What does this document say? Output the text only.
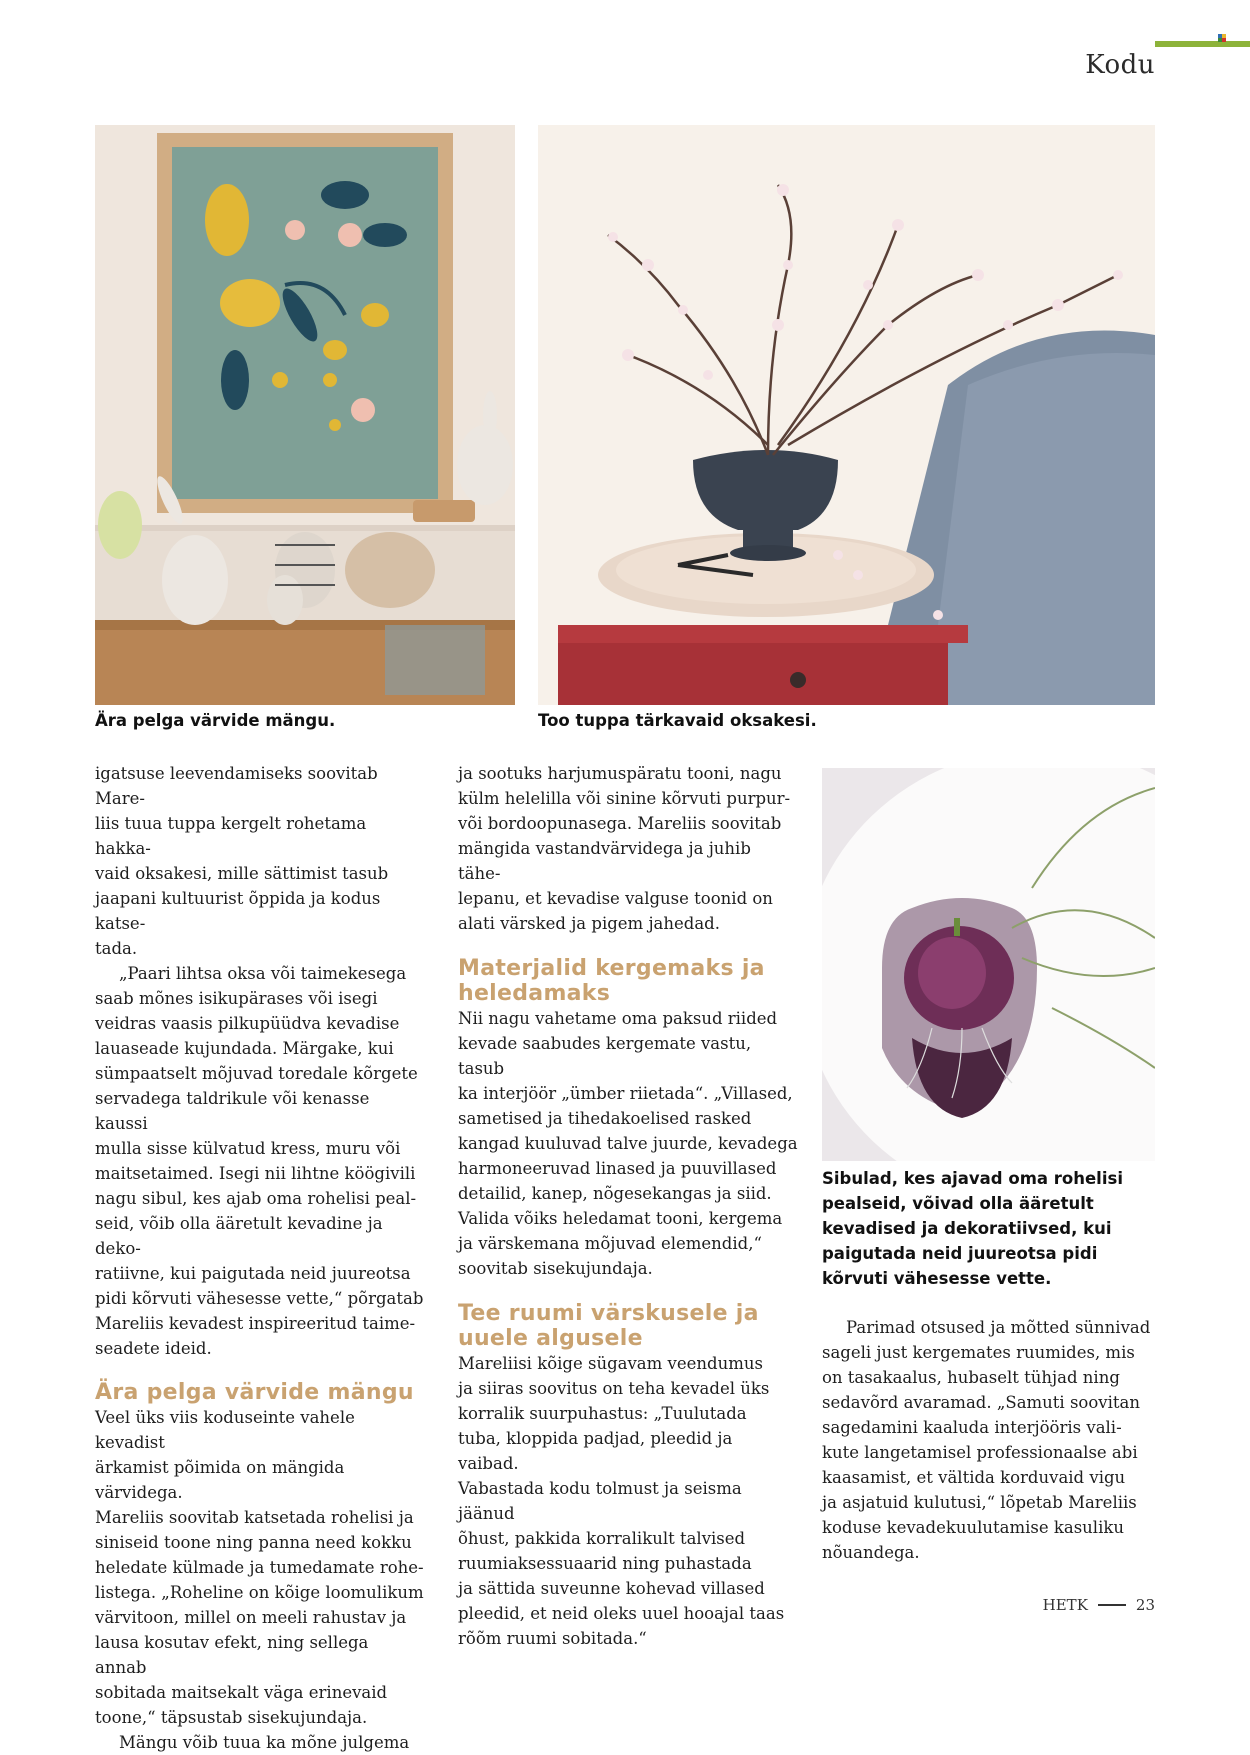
Kodu
Ära pelga värvide mängu.	Too tuppa tärkavaid oksakesi.
Sibulad, kes ajavad oma rohelisi pealseid, võivad olla ääretult kevadised ja dekoratiivsed, kui paigutada neid juureotsa pidi kõrvuti vähesesse vette.

igatsuse leevendamiseks soovitab Mare-
liis tuua tuppa kergelt rohetama hakka-
vaid oksakesi, mille sättimist tasub
jaapani kultuurist õppida ja kodus katse-
tada.

„Paari lihtsa oksa või taimekesega
saab mõnes isikupärases või isegi
veidras vaasis pilkupüüdva kevadise
lauaseade kujundada. Märgake, kui
sümpaatselt mõjuvad toredale kõrgete
servadega taldrikule või kenasse kaussi
mulla sisse külvatud kress, muru või
maitsetaimed. Isegi nii lihtne köögivili
nagu sibul, kes ajab oma rohelisi peal-
seid, võib olla ääretult kevadine ja deko-
ratiivne, kui paigutada neid juureotsa
pidi kõrvuti vähesesse vette,“ põrgatab
Mareliis kevadest inspireeritud taime-
seadete ideid.

Ära pelga värvide mängu

Veel üks viis koduseinte vahele kevadist
ärkamist põimida on mängida värvidega.
Mareliis soovitab katsetada rohelisi ja
siniseid toone ning panna need kokku
heledate külmade ja tumedamate rohe-
listega. „Roheline on kõige loomulikum
värvitoon, millel on meeli rahustav ja
lausa kosutav efekt, ning sellega annab
sobitada maitsekalt väga erinevaid
toone,“ täpsustab sisekujundaja.

Mängu võib tuua ka mõne julgema

ja sootuks harjumuspäratu tooni, nagu
külm helelilla või sinine kõrvuti purpur-
või bordoopunasega. Mareliis soovitab
mängida vastandvärvidega ja juhib tähe-
lepanu, et kevadise valguse toonid on
alati värsked ja pigem jahedad.

Materjalid kergemaks ja
heledamaks

Nii nagu vahetame oma paksud riided
kevade saabudes kergemate vastu, tasub
ka interjöör „ümber riietada“. „Villased,
sametised ja tihedakoelised rasked
kangad kuuluvad talve juurde, kevadega
harmoneeruvad linased ja puuvillased
detailid, kanep, nõgesekangas ja siid.
Valida võiks heledamat tooni, kergema
ja värskemana mõjuvad elemendid,“
soovitab sisekujundaja.

Tee ruumi värskusele ja
uuele algusele

Mareliisi kõige sügavam veendumus
ja siiras soovitus on teha kevadel üks
korralik suurpuhastus: „Tuulutada
tuba, kloppida padjad, pleedid ja vaibad.
Vabastada kodu tolmust ja seisma jäänud
õhust, pakkida korralikult talvised
ruumiaksessuaarid ning puhastada
ja sättida suveunne kohevad villased
pleedid, et neid oleks uuel hooajal taas
rõõm ruumi sobitada.“

Parimad otsused ja mõtted sünnivad
sageli just kergemates ruumides, mis
on tasakaalus, hubaselt tühjad ning
sedavõrd avaramad. „Samuti soovitan
sagedamini kaaluda interjööris vali-
kute langetamisel professionaalse abi
kaasamist, et vältida korduvaid vigu
ja asjatuid kulutusi,“ lõpetab Mareliis
koduse kevadekuulutamise kasuliku
nõuandega.

HETK	23
